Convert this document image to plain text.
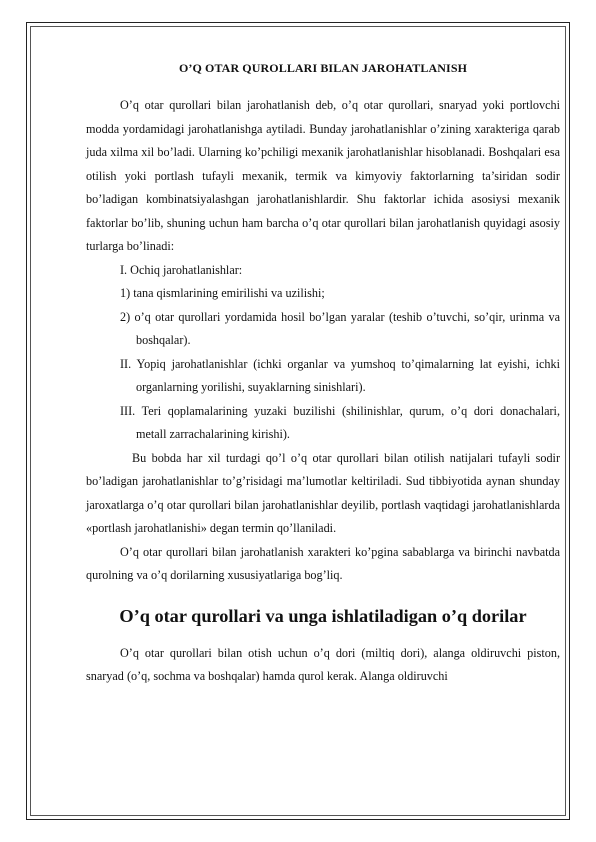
O’Q OTAR QUROLLARI BILAN JAROHATLANISH

O’q otar qurollari bilan jarohatlanish deb, o’q otar qurollari, snaryad yoki portlovchi modda yordamidagi jarohatlanishga aytiladi. Bunday jarohatlanishlar o’zining xarakteriga qarab juda xilma xil bo’ladi. Ularning ko’pchiligi mexanik jarohatlanishlar hisoblanadi. Boshqalari esa otilish yoki portlash tufayli mexanik, termik va kimyoviy faktorlarning ta’siridan sodir bo’ladigan kombinatsiyalashgan jarohatlanishlardir. Shu faktorlar ichida asosiysi mexanik faktorlar bo’lib, shuning uchun ham barcha o’q otar qurollari bilan jarohatlanish quyidagi asosiy turlarga bo’linadi:

I. Ochiq jarohatlanishlar:
1) tana qismlarining emirilishi va uzilishi;

2) o’q otar qurollari yordamida hosil bo’lgan yaralar (teshib o’tuvchi, so’qir, urinma va boshqalar).

II. Yopiq jarohatlanishlar (ichki organlar va yumshoq to’qimalarning lat eyishi, ichki organlarning yorilishi, suyaklarning sinishlari).

III. Teri qoplamalarining yuzaki buzilishi (shilinishlar, qurum, o’q dori donachalari, metall zarrachalarining kirishi).

Bu bobda har xil turdagi qo’l o’q otar qurollari bilan otilish natijalari tufayli sodir bo’ladigan jarohatlanishlar to’g’risidagi ma’lumotlar keltiriladi. Sud tibbiyotida aynan shunday jaroxatlarga o’q otar qurollari bilan jarohatlanishlar deyilib, portlash vaqtidagi jarohatlanishlarda «portlash jarohatlanishi» degan termin qo’llaniladi.

O’q otar qurollari bilan jarohatlanish xarakteri ko’pgina sabablarga va birinchi navbatda qurolning va o’q dorilarning xususiyatlariga bog’liq.

O’q otar qurollari va unga ishlatiladigan o’q dorilar

O’q otar qurollari bilan otish uchun o’q dori (miltiq dori), alanga oldiruvchi piston, snaryad (o’q, sochma va boshqalar) hamda qurol kerak. Alanga oldiruvchi
